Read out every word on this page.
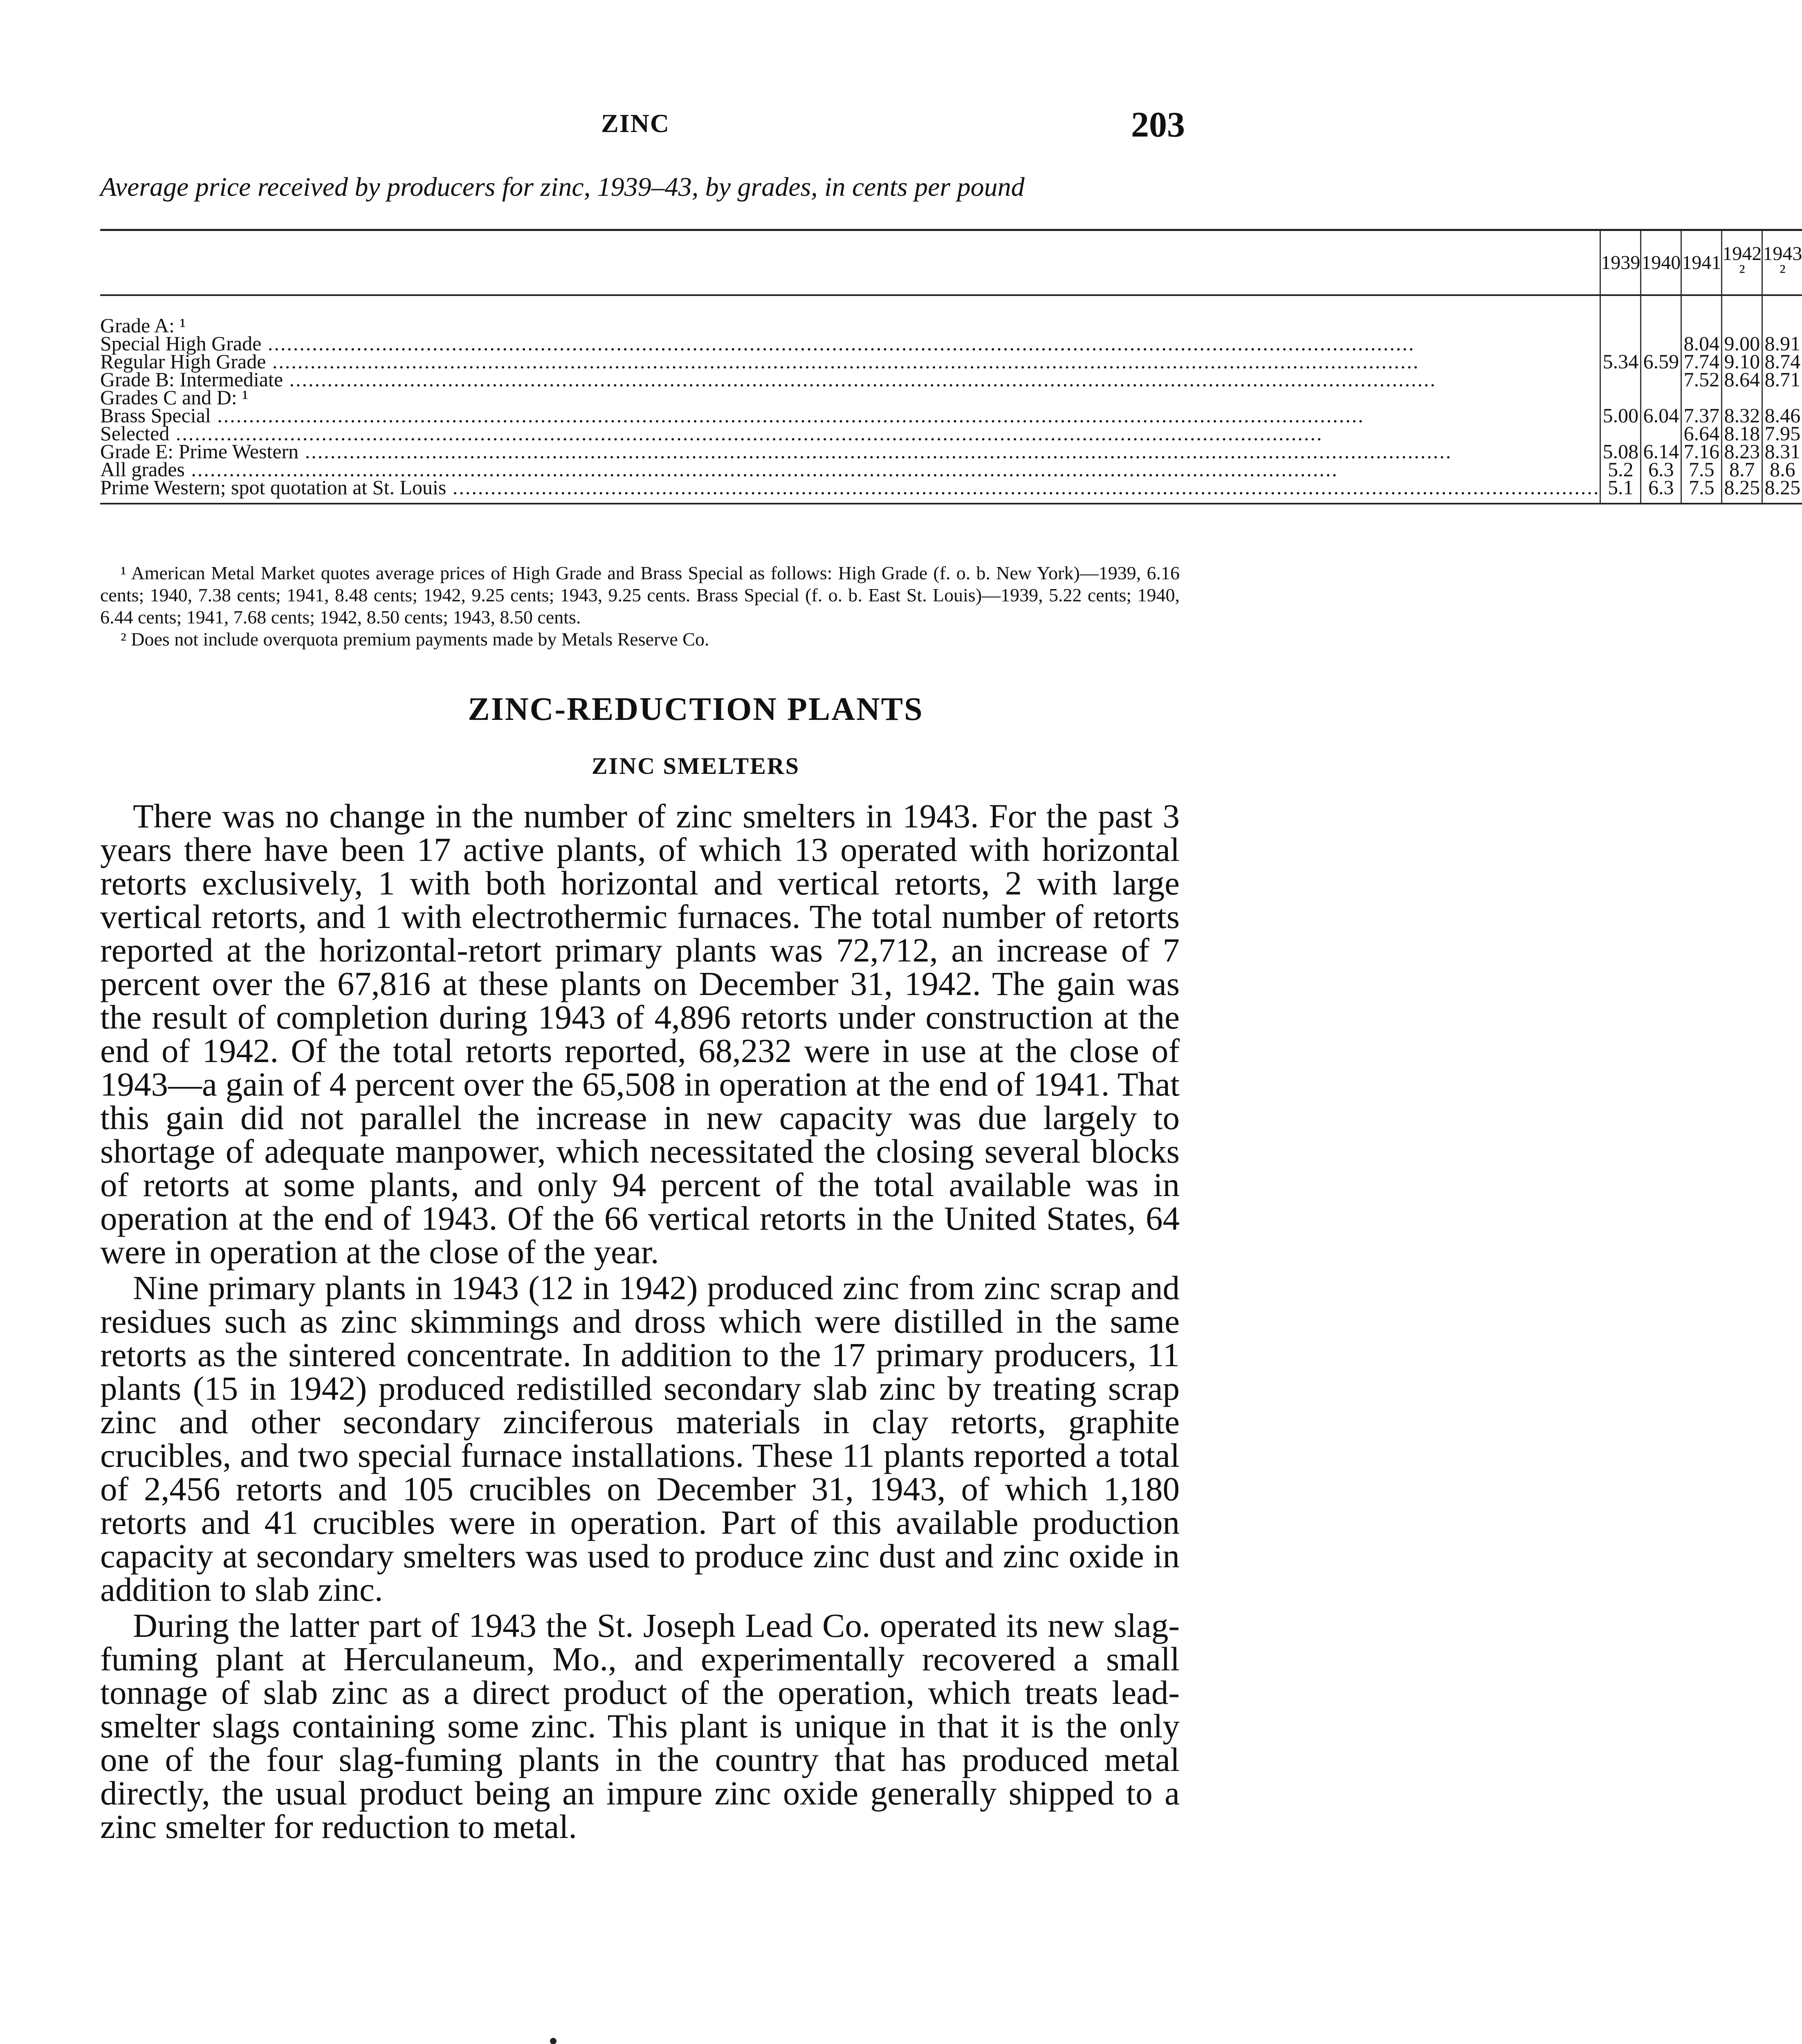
ZINC	203
Average price received by producers for zinc, 1939–43, by grades, in cents per pound
	1939	1940	1941	1942 ²	1943 ²
Grade A: ¹					
Special High Grade .....			8.04	9.00	8.91
Regular High Grade .....	5.34	6.59	7.74	9.10	8.74
Grade B: Intermediate .....			7.52	8.64	8.71
Grades C and D: ¹					
Brass Special .....	5.00	6.04	7.37	8.32	8.46
Selected .....			6.64	8.18	7.95
Grade E: Prime Western .....	5.08	6.14	7.16	8.23	8.31
All grades .....	5.2	6.3	7.5	8.7	8.6
Prime Western; spot quotation at St. Louis .....	5.1	6.3	7.5	8.25	8.25

¹ American Metal Market quotes average prices of High Grade and Brass Special as follows: High Grade (f. o. b. New York)—1939, 6.16 cents; 1940, 7.38 cents; 1941, 8.48 cents; 1942, 9.25 cents; 1943, 9.25 cents. Brass Special (f. o. b. East St. Louis)—1939, 5.22 cents; 1940, 6.44 cents; 1941, 7.68 cents; 1942, 8.50 cents; 1943, 8.50 cents.

² Does not include overquota premium payments made by Metals Reserve Co.

ZINC-REDUCTION PLANTS
ZINC SMELTERS

There was no change in the number of zinc smelters in 1943. For the past 3 years there have been 17 active plants, of which 13 operated with horizontal retorts exclusively, 1 with both horizontal and vertical retorts, 2 with large vertical retorts, and 1 with electrothermic furnaces. The total number of retorts reported at the horizontal-retort primary plants was 72,712, an increase of 7 percent over the 67,816 at these plants on December 31, 1942. The gain was the result of completion during 1943 of 4,896 retorts under construction at the end of 1942. Of the total retorts reported, 68,232 were in use at the close of 1943—a gain of 4 percent over the 65,508 in operation at the end of 1941. That this gain did not parallel the increase in new capacity was due largely to shortage of adequate manpower, which necessitated the closing several blocks of retorts at some plants, and only 94 percent of the total available was in operation at the end of 1943. Of the 66 vertical retorts in the United States, 64 were in operation at the close of the year.

Nine primary plants in 1943 (12 in 1942) produced zinc from zinc scrap and residues such as zinc skimmings and dross which were distilled in the same retorts as the sintered concentrate. In addition to the 17 primary producers, 11 plants (15 in 1942) produced redistilled secondary slab zinc by treating scrap zinc and other secondary zinciferous materials in clay retorts, graphite crucibles, and two special furnace installations. These 11 plants reported a total of 2,456 retorts and 105 crucibles on December 31, 1943, of which 1,180 retorts and 41 crucibles were in operation. Part of this available production capacity at secondary smelters was used to produce zinc dust and zinc oxide in addition to slab zinc.

During the latter part of 1943 the St. Joseph Lead Co. operated its new slag-fuming plant at Herculaneum, Mo., and experimentally recovered a small tonnage of slab zinc as a direct product of the operation, which treats lead-smelter slags containing some zinc. This plant is unique in that it is the only one of the four slag-fuming plants in the country that has produced metal directly, the usual product being an impure zinc oxide generally shipped to a zinc smelter for reduction to metal.
